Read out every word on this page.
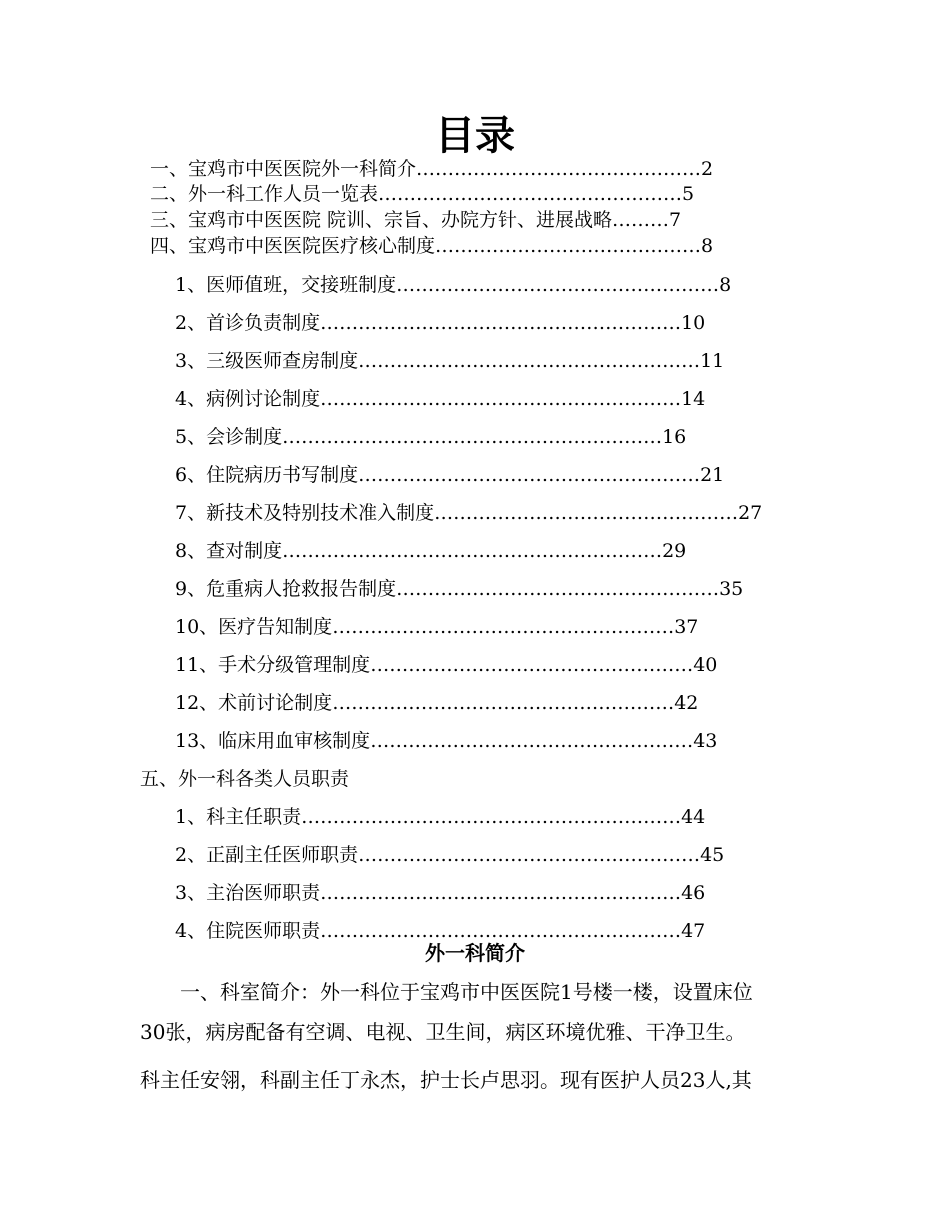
目录
一、宝鸡市中医医院外一科简介………………………………………2
二、外一科工作人员一览表…………………………………………5
三、宝鸡市中医医院 院训、宗旨、办院方针、进展战略………7
四、宝鸡市中医医院医疗核心制度……………………………………8
1、医师值班，交接班制度……………………………………………8
2、首诊负责制度…………………………………………………10
3、三级医师查房制度………………………………………………11
4、病例讨论制度…………………………………………………14
5、会诊制度……………………………………………………16
6、住院病历书写制度………………………………………………21
7、新技术及特别技术准入制度…………………………………………27
8、查对制度……………………………………………………29
9、危重病人抢救报告制度……………………………………………35
10、医疗告知制度………………………………………………37
11、手术分级管理制度……………………………………………40
12、术前讨论制度………………………………………………42
13、临床用血审核制度……………………………………………43
五、外一科各类人员职责
1、科主任职责……………………………………………………44
2、正副主任医师职责………………………………………………45
3、主治医师职责…………………………………………………46
4、住院医师职责…………………………………………………47
外一科简介
一、科室简介：外一科位于宝鸡市中医医院1号楼一楼，设置床位
30张，病房配备有空调、电视、卫生间，病区环境优雅、干净卫生。
科主任安翎，科副主任丁永杰，护士长卢思羽。现有医护人员23人,其
